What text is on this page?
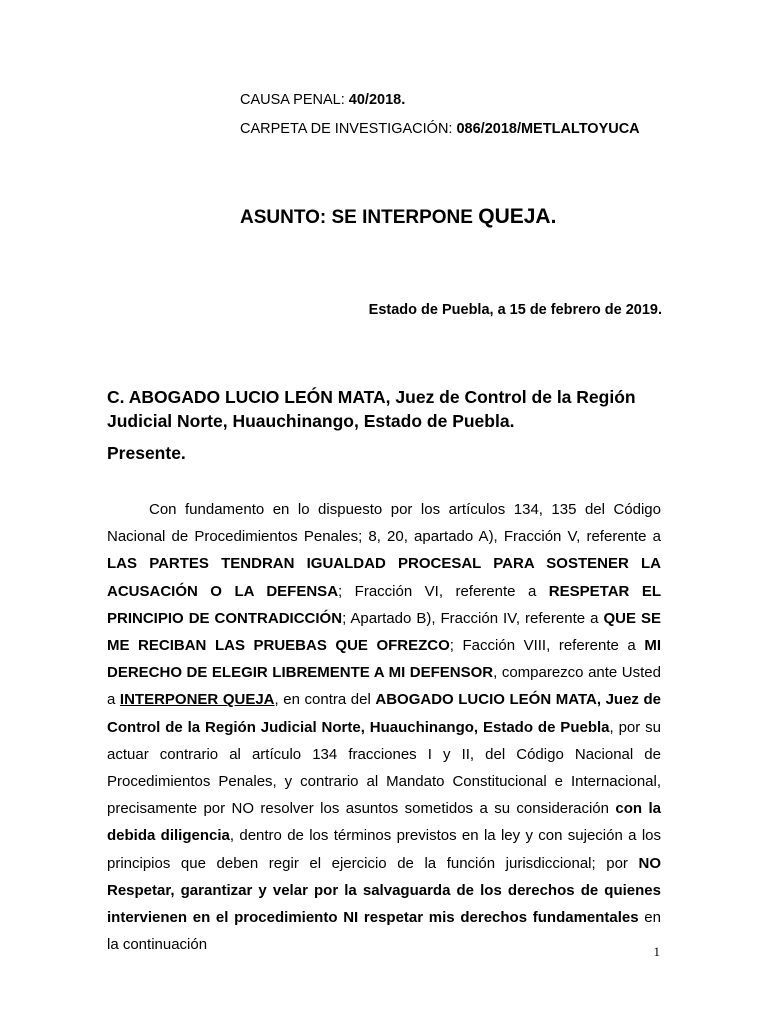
CAUSA PENAL: 40/2018.
CARPETA DE INVESTIGACIÓN: 086/2018/METLALTOYUCA
ASUNTO: SE INTERPONE QUEJA.
Estado de Puebla, a 15 de febrero de 2019.
C. ABOGADO LUCIO LEÓN MATA, Juez de Control de la Región
Judicial Norte, Huauchinango, Estado de Puebla.
Presente.
Con fundamento en lo dispuesto por los artículos 134, 135 del Código Nacional de Procedimientos Penales; 8, 20, apartado A), Fracción V, referente a LAS PARTES TENDRAN IGUALDAD PROCESAL PARA SOSTENER LA ACUSACIÓN O LA DEFENSA; Fracción VI, referente a RESPETAR EL PRINCIPIO DE CONTRADICCIÓN; Apartado B), Fracción IV, referente a QUE SE ME RECIBAN LAS PRUEBAS QUE OFREZCO; Facción VIII, referente a MI DERECHO DE ELEGIR LIBREMENTE A MI DEFENSOR, comparezco ante Usted a INTERPONER QUEJA, en contra del ABOGADO LUCIO LEÓN MATA, Juez de Control de la Región Judicial Norte, Huauchinango, Estado de Puebla, por su actuar contrario al artículo 134 fracciones I y II, del Código Nacional de Procedimientos Penales, y contrario al Mandato Constitucional e Internacional, precisamente por NO resolver los asuntos sometidos a su consideración con la debida diligencia, dentro de los términos previstos en la ley y con sujeción a los principios que deben regir el ejercicio de la función jurisdiccional; por NO Respetar, garantizar y velar por la salvaguarda de los derechos de quienes intervienen en el procedimiento NI respetar mis derechos fundamentales en la continuación	1
